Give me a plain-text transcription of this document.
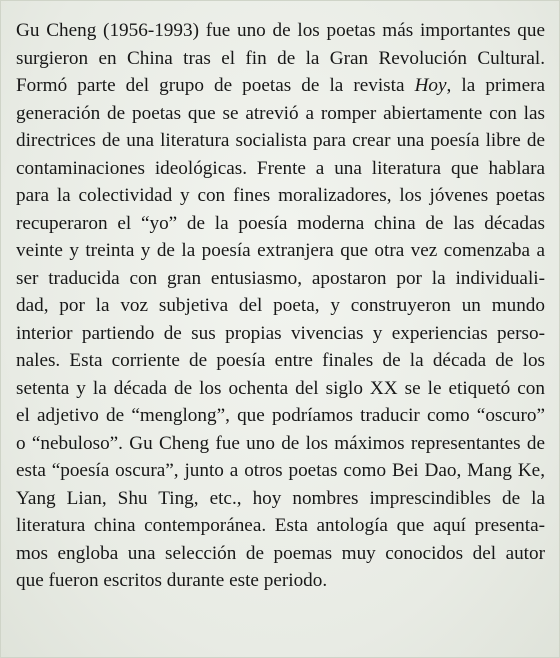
Gu Cheng (1956-1993) fue uno de los poetas más importantes que
surgieron en China tras el fin de la Gran Revolución Cultural.
Formó parte del grupo de poetas de la revista Hoy, la primera
generación de poetas que se atrevió a romper abiertamente con las
directrices de una literatura socialista para crear una poesía libre de
contaminaciones ideológicas. Frente a una literatura que hablara
para la colectividad y con fines moralizadores, los jóvenes poetas
recuperaron el “yo” de la poesía moderna china de las décadas
veinte y treinta y de la poesía extranjera que otra vez comenzaba a
ser traducida con gran entusiasmo, apostaron por la individuali-
dad, por la voz subjetiva del poeta, y construyeron un mundo
interior partiendo de sus propias vivencias y experiencias perso-
nales. Esta corriente de poesía entre finales de la década de los
setenta y la década de los ochenta del siglo XX se le etiquetó con
el adjetivo de “menglong”, que podríamos traducir como “oscuro”
o “nebuloso”. Gu Cheng fue uno de los máximos representantes de
esta “poesía oscura”, junto a otros poetas como Bei Dao, Mang Ke,
Yang Lian, Shu Ting, etc., hoy nombres imprescindibles de la
literatura china contemporánea. Esta antología que aquí presenta-
mos engloba una selección de poemas muy conocidos del autor
que fueron escritos durante este periodo.
